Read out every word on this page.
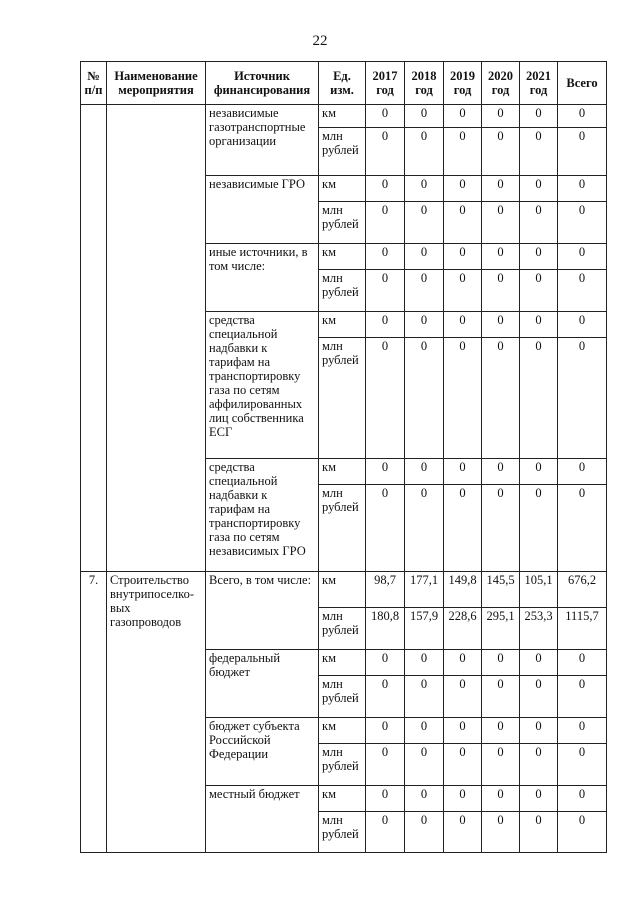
22
№ п/п	Наименование мероприятия	Источник финансирования	Ед. изм.	2017 год	2018 год	2019 год	2020 год	2021 год	Всего
		независимые газотранспортные организации	км	0	0	0	0	0	0
			млн рублей	0	0	0	0	0	0
		независимые ГРО	км	0	0	0	0	0	0
			млн рублей	0	0	0	0	0	0
		иные источники, в том числе:	км	0	0	0	0	0	0
			млн рублей	0	0	0	0	0	0
		средства специальной надбавки к тарифам на транспортировку газа по сетям аффилированных лиц собственника ЕСГ	км	0	0	0	0	0	0
			млн рублей	0	0	0	0	0	0
		средства специальной надбавки к тарифам на транспортировку газа по сетям независимых ГРО	км	0	0	0	0	0	0
			млн рублей	0	0	0	0	0	0
7.	Строительство внутрипоселко-вых газопроводов	Всего, в том числе:	км	98,7	177,1	149,8	145,5	105,1	676,2
			млн рублей	180,8	157,9	228,6	295,1	253,3	1115,7
		федеральный бюджет	км	0	0	0	0	0	0
			млн рублей	0	0	0	0	0	0
		бюджет субъекта Российской Федерации	км	0	0	0	0	0	0
			млн рублей	0	0	0	0	0	0
		местный бюджет	км	0	0	0	0	0	0
			млн рублей	0	0	0	0	0	0
